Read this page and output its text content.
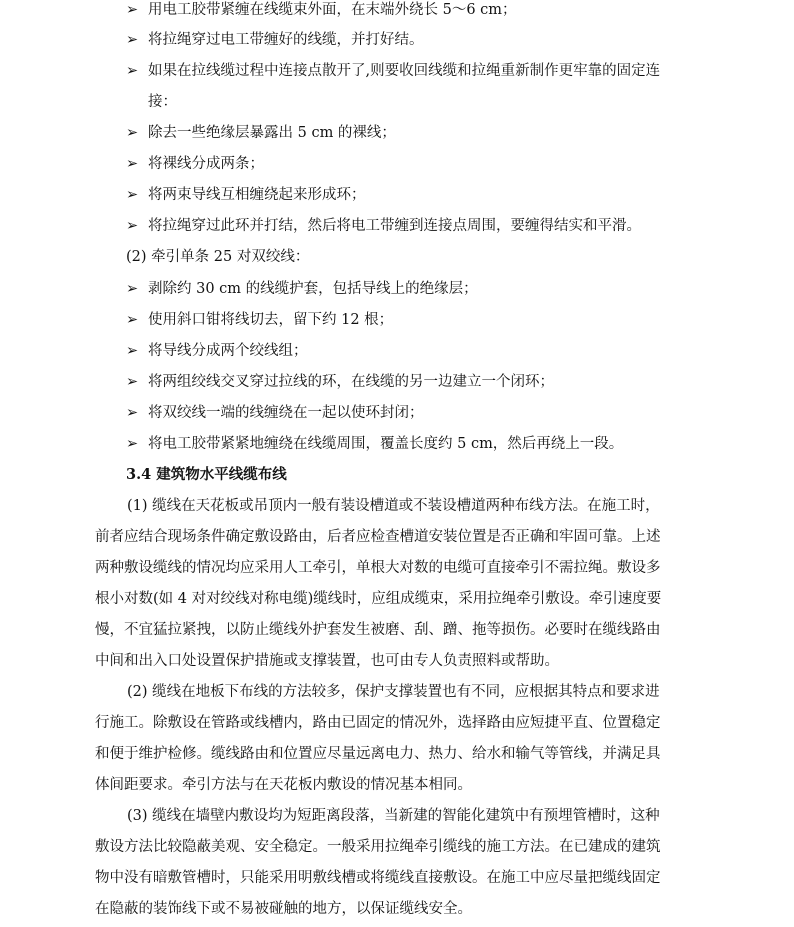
➢ 用电工胶带紧缠在线缆束外面，在末端外绕长 5～6 cm；
➢ 将拉绳穿过电工带缠好的线缆，并打好结。
➢ 如果在拉线缆过程中连接点散开了,则要收回线缆和拉绳重新制作更牢靠的固定连
接：
➢ 除去一些绝缘层暴露出 5 cm 的裸线；
➢ 将裸线分成两条；
➢ 将两束导线互相缠绕起来形成环；
➢ 将拉绳穿过此环并打结，然后将电工带缠到连接点周围，要缠得结实和平滑。
(2) 牵引单条 25 对双绞线：
➢ 剥除约 30 cm 的线缆护套，包括导线上的绝缘层；
➢ 使用斜口钳将线切去，留下约 12 根；
➢ 将导线分成两个绞线组；
➢ 将两组绞线交叉穿过拉线的环，在线缆的另一边建立一个闭环；
➢ 将双绞线一端的线缠绕在一起以使环封闭；
➢ 将电工胶带紧紧地缠绕在线缆周围，覆盖长度约 5 cm，然后再绕上一段。
3.4 建筑物水平线缆布线
(1) 缆线在天花板或吊顶内一般有装设槽道或不装设槽道两种布线方法。在施工时，
前者应结合现场条件确定敷设路由，后者应检查槽道安装位置是否正确和牢固可靠。上述
两种敷设缆线的情况均应采用人工牵引，单根大对数的电缆可直接牵引不需拉绳。敷设多
根小对数(如 4 对对绞线对称电缆)缆线时，应组成缆束，采用拉绳牵引敷设。牵引速度要
慢，不宜猛拉紧拽，以防止缆线外护套发生被磨、刮、蹭、拖等损伤。必要时在缆线路由
中间和出入口处设置保护措施或支撑装置，也可由专人负责照料或帮助。
(2) 缆线在地板下布线的方法较多，保护支撑装置也有不同，应根据其特点和要求进
行施工。除敷设在管路或线槽内，路由已固定的情况外，选择路由应短捷平直、位置稳定
和便于维护检修。缆线路由和位置应尽量远离电力、热力、给水和输气等管线，并满足具
体间距要求。牵引方法与在天花板内敷设的情况基本相同。
(3) 缆线在墙壁内敷设均为短距离段落，当新建的智能化建筑中有预埋管槽时，这种
敷设方法比较隐蔽美观、安全稳定。一般采用拉绳牵引缆线的施工方法。在已建成的建筑
物中没有暗敷管槽时，只能采用明敷线槽或将缆线直接敷设。在施工中应尽量把缆线固定
在隐蔽的装饰线下或不易被碰触的地方，以保证缆线安全。
